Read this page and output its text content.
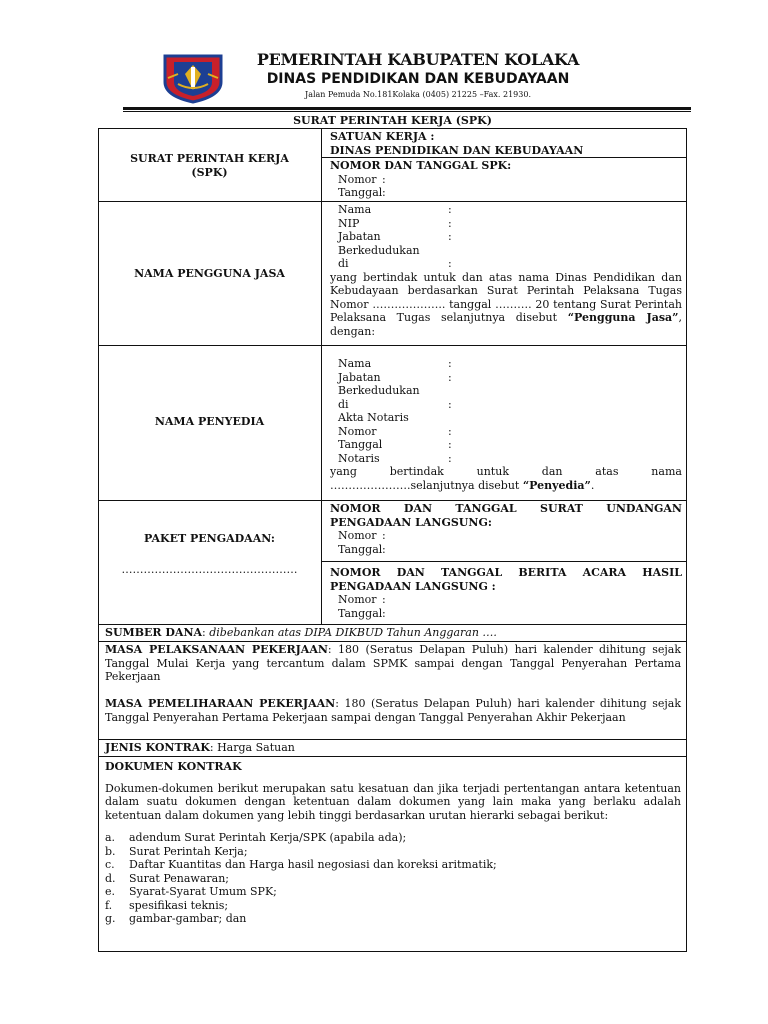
PEMERINTAH KABUPATEN KOLAKA
DINAS PENDIDIKAN DAN KEBUDAYAAN
Jalan Pemuda No.181Kolaka (0405) 21225 –Fax. 21930.
SURAT PERINTAH KERJA (SPK)
SURAT PERINTAH KERJA
(SPK)
SATUAN KERJA :
DINAS PENDIDIKAN DAN KEBUDAYAAN
NOMOR DAN TANGGAL SPK:
Nomor :
Tanggal :
NAMA PENGGUNA JASA
Nama	:
NIP	:
Jabatan	:
Berkedudukan
di	:
yang bertindak untuk dan atas nama Dinas Pendidikan dan Kebudayaan berdasarkan Surat Perintah Pelaksana Tugas Nomor ……………….. tanggal ………. 20 tentang Surat Perintah Pelaksana Tugas selanjutnya disebut “Pengguna Jasa”, dengan:
NAMA PENYEDIA
Nama	:
Jabatan	:
Berkedudukan
di	:
Akta Notaris
Nomor	:
Tanggal	:
Notaris	:
yang	bertindak	untuk	dan	atas	nama
………………….selanjutnya disebut “Penyedia”.
PAKET PENGADAAN:
…………………………………………
NOMOR DAN TANGGAL SURAT UNDANGAN PENGADAAN LANGSUNG:
Nomor :
Tanggal :
NOMOR DAN TANGGAL BERITA ACARA HASIL PENGADAAN LANGSUNG :
Nomor :
Tanggal :
SUMBER DANA: dibebankan atas DIPA DIKBUD Tahun Anggaran ….
MASA PELAKSANAAN PEKERJAAN: 180 (Seratus Delapan Puluh) hari kalender dihitung sejak Tanggal Mulai Kerja yang tercantum dalam SPMK sampai dengan Tanggal Penyerahan Pertama Pekerjaan
MASA PEMELIHARAAN PEKERJAAN: 180 (Seratus Delapan Puluh) hari kalender dihitung sejak Tanggal Penyerahan Pertama Pekerjaan sampai dengan Tanggal Penyerahan Akhir Pekerjaan
JENIS KONTRAK: Harga Satuan
DOKUMEN KONTRAK
Dokumen-dokumen berikut merupakan satu kesatuan dan jika terjadi pertentangan antara ketentuan dalam suatu dokumen dengan ketentuan dalam dokumen yang lain maka yang berlaku adalah ketentuan dalam dokumen yang lebih tinggi berdasarkan urutan hierarki sebagai berikut:
a.	adendum Surat Perintah Kerja/SPK (apabila ada);
b.	Surat Perintah Kerja;
c.	Daftar Kuantitas dan Harga hasil negosiasi dan koreksi aritmatik;
d.	Surat Penawaran;
e.	Syarat-Syarat Umum SPK;
f.	spesifikasi teknis;
g.	gambar-gambar; dan
